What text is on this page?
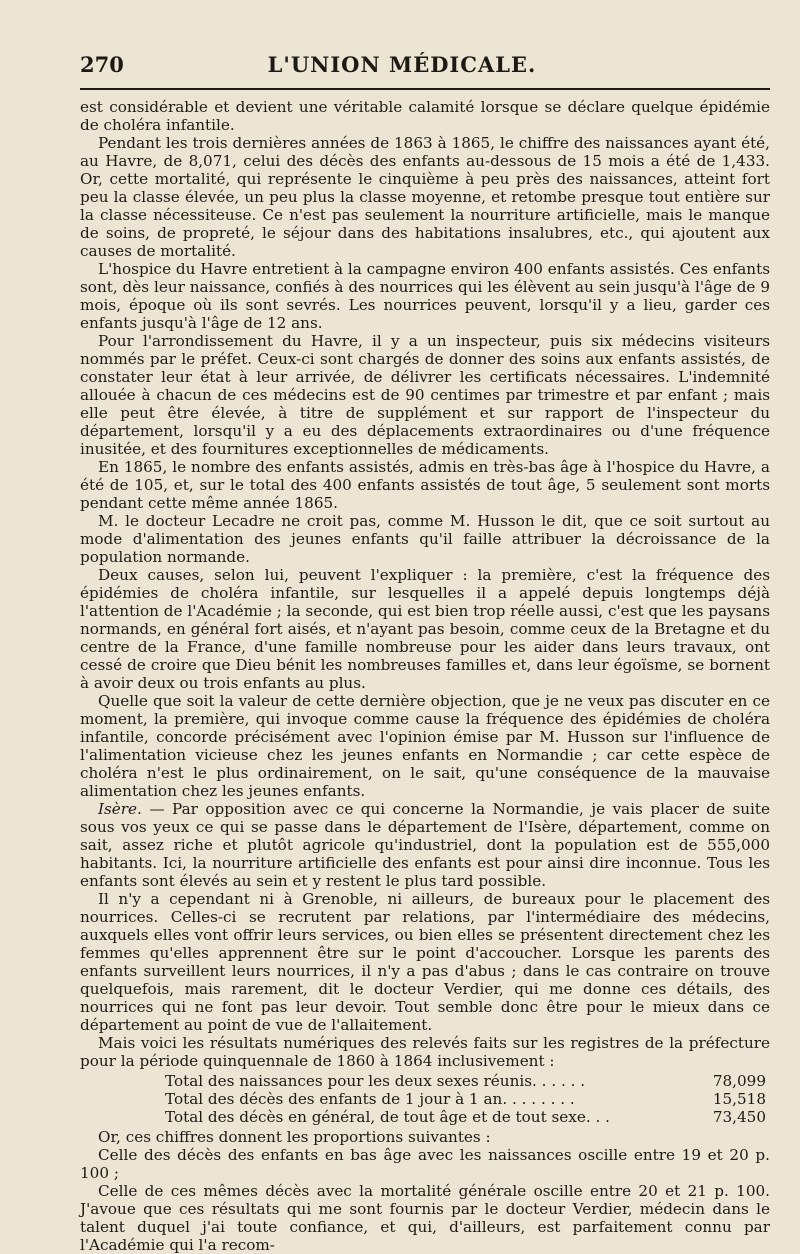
270	L'UNION MÉDICALE.

est considérable et devient une véritable calamité lorsque se déclare quelque épidémie de choléra infantile.

Pendant les trois dernières années de 1863 à 1865, le chiffre des naissances ayant été, au Havre, de 8,071, celui des décès des enfants au-dessous de 15 mois a été de 1,433. Or, cette mortalité, qui représente le cinquième à peu près des naissances, atteint fort peu la classe élevée, un peu plus la classe moyenne, et retombe presque tout entière sur la classe nécessiteuse. Ce n'est pas seulement la nourriture artificielle, mais le manque de soins, de propreté, le séjour dans des habitations insalubres, etc., qui ajoutent aux causes de mortalité.

L'hospice du Havre entretient à la campagne environ 400 enfants assistés. Ces enfants sont, dès leur naissance, confiés à des nourrices qui les élèvent au sein jusqu'à l'âge de 9 mois, époque où ils sont sevrés. Les nourrices peuvent, lorsqu'il y a lieu, garder ces enfants jusqu'à l'âge de 12 ans.

Pour l'arrondissement du Havre, il y a un inspecteur, puis six médecins visiteurs nommés par le préfet. Ceux-ci sont chargés de donner des soins aux enfants assistés, de constater leur état à leur arrivée, de délivrer les certificats nécessaires. L'indemnité allouée à chacun de ces médecins est de 90 centimes par trimestre et par enfant ; mais elle peut être élevée, à titre de supplément et sur rapport de l'inspecteur du département, lorsqu'il y a eu des déplacements extraordinaires ou d'une fréquence inusitée, et des fournitures exceptionnelles de médicaments.

En 1865, le nombre des enfants assistés, admis en très-bas âge à l'hospice du Havre, a été de 105, et, sur le total des 400 enfants assistés de tout âge, 5 seulement sont morts pendant cette même année 1865.

M. le docteur Lecadre ne croit pas, comme M. Husson le dit, que ce soit surtout au mode d'alimentation des jeunes enfants qu'il faille attribuer la décroissance de la population normande.

Deux causes, selon lui, peuvent l'expliquer : la première, c'est la fréquence des épidémies de choléra infantile, sur lesquelles il a appelé depuis longtemps déjà l'attention de l'Académie ; la seconde, qui est bien trop réelle aussi, c'est que les paysans normands, en général fort aisés, et n'ayant pas besoin, comme ceux de la Bretagne et du centre de la France, d'une famille nombreuse pour les aider dans leurs travaux, ont cessé de croire que Dieu bénit les nombreuses familles et, dans leur égoïsme, se bornent à avoir deux ou trois enfants au plus.

Quelle que soit la valeur de cette dernière objection, que je ne veux pas discuter en ce moment, la première, qui invoque comme cause la fréquence des épidémies de choléra infantile, concorde précisément avec l'opinion émise par M. Husson sur l'influence de l'alimentation vicieuse chez les jeunes enfants en Normandie ; car cette espèce de choléra n'est le plus ordinairement, on le sait, qu'une conséquence de la mauvaise alimentation chez les jeunes enfants.

Isère. — Par opposition avec ce qui concerne la Normandie, je vais placer de suite sous vos yeux ce qui se passe dans le département de l'Isère, département, comme on sait, assez riche et plutôt agricole qu'industriel, dont la population est de 555,000 habitants. Ici, la nourriture artificielle des enfants est pour ainsi dire inconnue. Tous les enfants sont élevés au sein et y restent le plus tard possible.

Il n'y a cependant ni à Grenoble, ni ailleurs, de bureaux pour le placement des nourrices. Celles-ci se recrutent par relations, par l'intermédiaire des médecins, auxquels elles vont offrir leurs services, ou bien elles se présentent directement chez les femmes qu'elles apprennent être sur le point d'accoucher. Lorsque les parents des enfants surveillent leurs nourrices, il n'y a pas d'abus ; dans le cas contraire on trouve quelquefois, mais rarement, dit le docteur Verdier, qui me donne ces détails, des nourrices qui ne font pas leur devoir. Tout semble donc être pour le mieux dans ce département au point de vue de l'allaitement.

Mais voici les résultats numériques des relevés faits sur les registres de la préfecture pour la période quinquennale de 1860 à 1864 inclusivement :

Total des naissances pour les deux sexes réunis. . . . . .	78,099
Total des décès des enfants de 1 jour à 1 an. . . . . . . .	15,518
Total des décès en général, de tout âge et de tout sexe. . .	73,450

Or, ces chiffres donnent les proportions suivantes :

Celle des décès des enfants en bas âge avec les naissances oscille entre 19 et 20 p. 100 ;

Celle de ces mêmes décès avec la mortalité générale oscille entre 20 et 21 p. 100. J'avoue que ces résultats qui me sont fournis par le docteur Verdier, médecin dans le talent duquel j'ai toute confiance, et qui, d'ailleurs, est parfaitement connu par l'Académie qui l'a recom-
